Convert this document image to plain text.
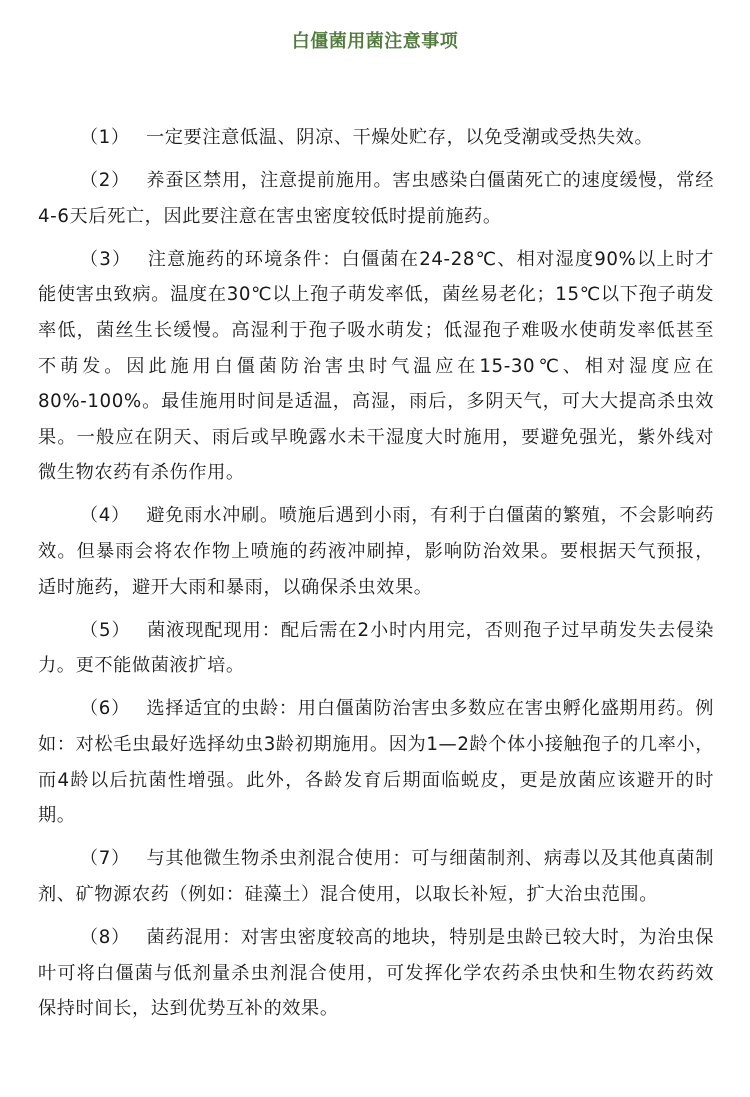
白僵菌用菌注意事项

（1） 一定要注意低温、阴凉、干燥处贮存，以免受潮或受热失效。

（2） 养蚕区禁用，注意提前施用。害虫感染白僵菌死亡的速度缓慢，常经4-6天后死亡，因此要注意在害虫密度较低时提前施药。

（3） 注意施药的环境条件：白僵菌在24-28℃、相对湿度90%以上时才能使害虫致病。温度在30℃以上孢子萌发率低，菌丝易老化；15℃以下孢子萌发率低，菌丝生长缓慢。高湿利于孢子吸水萌发；低湿孢子难吸水使萌发率低甚至不萌发。因此施用白僵菌防治害虫时气温应在15-30℃、相对湿度应在80%-100%。最佳施用时间是适温，高湿，雨后，多阴天气，可大大提高杀虫效果。一般应在阴天、雨后或早晚露水未干湿度大时施用，要避免强光，紫外线对微生物农药有杀伤作用。

（4） 避免雨水冲刷。喷施后遇到小雨，有利于白僵菌的繁殖，不会影响药效。但暴雨会将农作物上喷施的药液冲刷掉，影响防治效果。要根据天气预报，适时施药，避开大雨和暴雨，以确保杀虫效果。

（5） 菌液现配现用：配后需在2小时内用完，否则孢子过早萌发失去侵染力。更不能做菌液扩培。

（6） 选择适宜的虫龄：用白僵菌防治害虫多数应在害虫孵化盛期用药。例如：对松毛虫最好选择幼虫3龄初期施用。因为1—2龄个体小接触孢子的几率小，而4龄以后抗菌性增强。此外，各龄发育后期面临蜕皮，更是放菌应该避开的时期。

（7） 与其他微生物杀虫剂混合使用：可与细菌制剂、病毒以及其他真菌制剂、矿物源农药（例如：硅藻土）混合使用，以取长补短，扩大治虫范围。

（8） 菌药混用：对害虫密度较高的地块，特别是虫龄已较大时，为治虫保叶可将白僵菌与低剂量杀虫剂混合使用，可发挥化学农药杀虫快和生物农药药效保持时间长，达到优势互补的效果。
